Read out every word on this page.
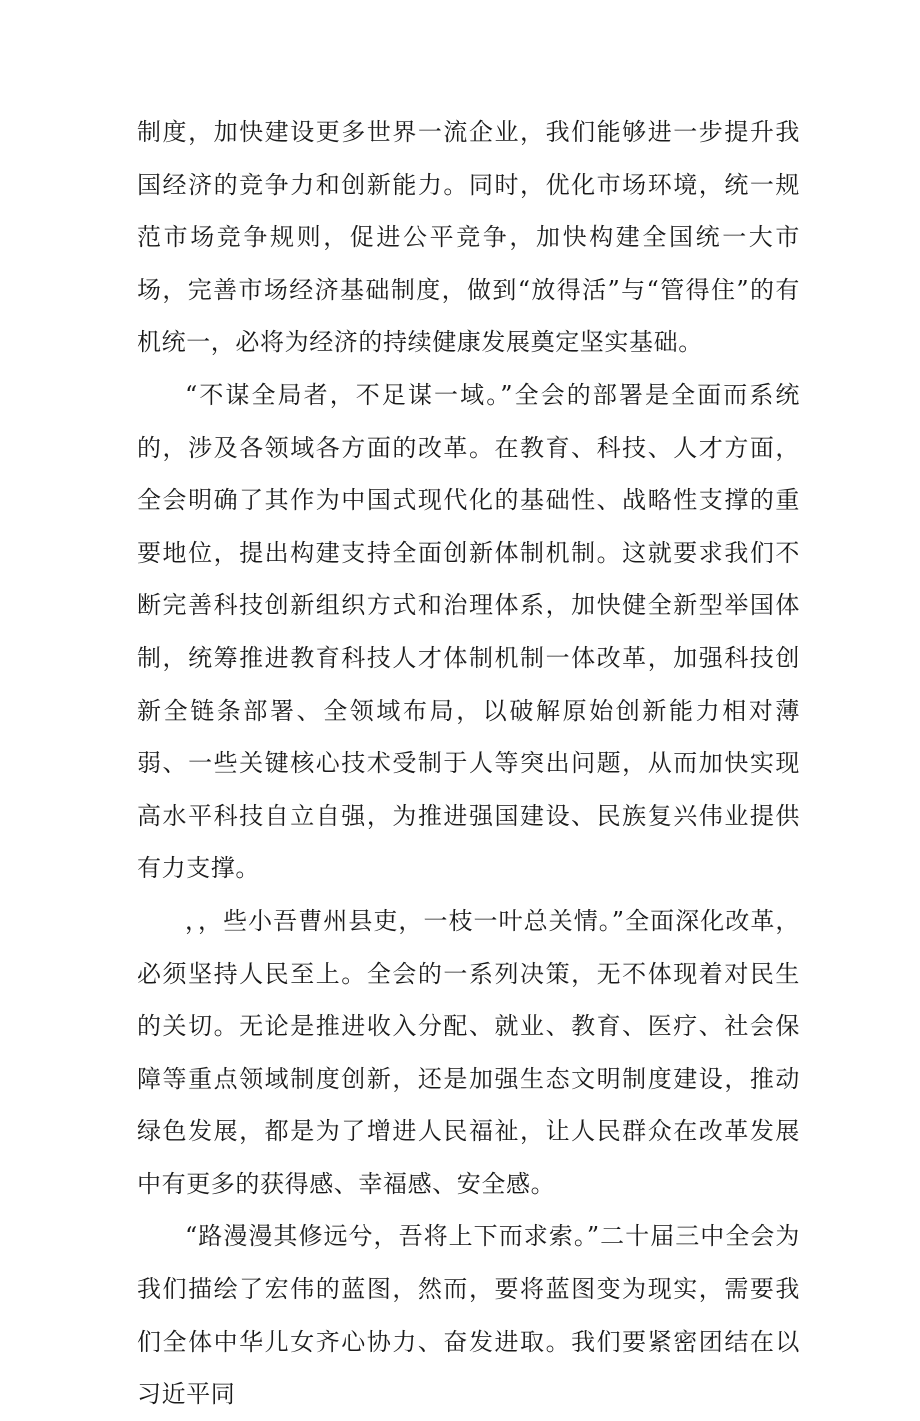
制度，加快建设更多世界一流企业，我们能够进一步提升我国经济的竞争力和创新能力。同时，优化市场环境，统一规范市场竞争规则，促进公平竞争，加快构建全国统一大市场，完善市场经济基础制度，做到“放得活”与“管得住”的有机统一，必将为经济的持续健康发展奠定坚实基础。

“不谋全局者，不足谋一域。”全会的部署是全面而系统的，涉及各领域各方面的改革。在教育、科技、人才方面，全会明确了其作为中国式现代化的基础性、战略性支撑的重要地位，提出构建支持全面创新体制机制。这就要求我们不断完善科技创新组织方式和治理体系，加快健全新型举国体制，统筹推进教育科技人才体制机制一体改革，加强科技创新全链条部署、全领域布局，以破解原始创新能力相对薄弱、一些关键核心技术受制于人等突出问题，从而加快实现高水平科技自立自强，为推进强国建设、民族复兴伟业提供有力支撑。

，，些小吾曹州县吏，一枝一叶总关情。”全面深化改革，必须坚持人民至上。全会的一系列决策，无不体现着对民生的关切。无论是推进收入分配、就业、教育、医疗、社会保障等重点领域制度创新，还是加强生态文明制度建设，推动绿色发展，都是为了增进人民福祉，让人民群众在改革发展中有更多的获得感、幸福感、安全感。

“路漫漫其修远兮，吾将上下而求索。”二十届三中全会为我们描绘了宏伟的蓝图，然而，要将蓝图变为现实，需要我们全体中华儿女齐心协力、奋发进取。我们要紧密团结在以习近平同
